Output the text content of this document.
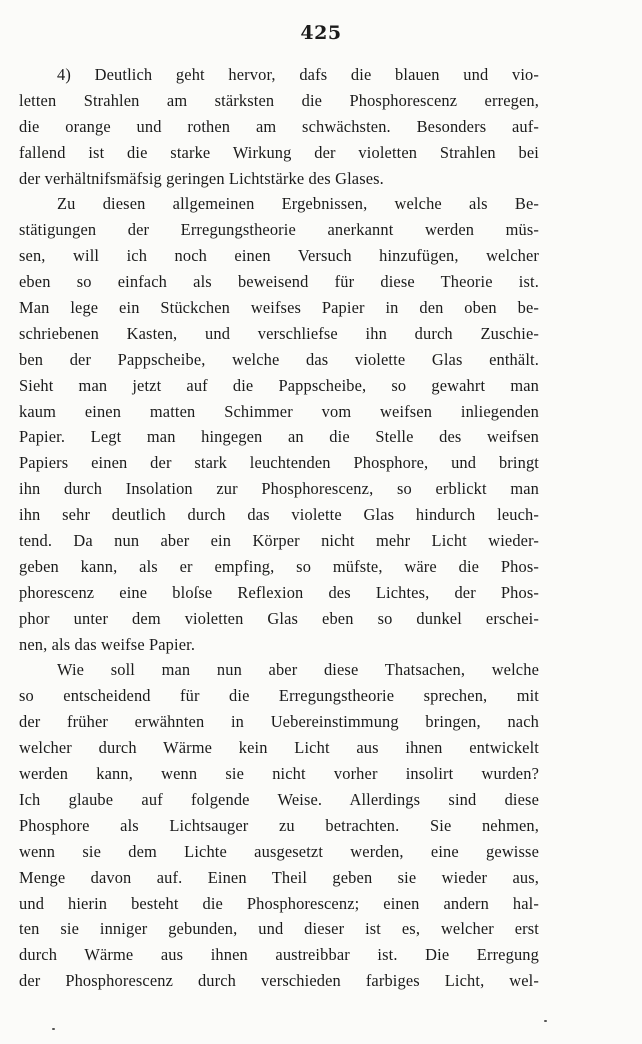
425
4) Deutlich geht hervor, dafs die blauen und vio-
letten Strahlen am stärksten die Phosphorescenz erregen,
die orange und rothen am schwächsten. Besonders auf-
fallend ist die starke Wirkung der violetten Strahlen bei
der verhältnifsmäfsig geringen Lichtstärke des Glases.
Zu diesen allgemeinen Ergebnissen, welche als Be-
stätigungen der Erregungstheorie anerkannt werden müs-
sen, will ich noch einen Versuch hinzufügen, welcher
eben so einfach als beweisend für diese Theorie ist.
Man lege ein Stückchen weifses Papier in den oben be-
schriebenen Kasten, und verschliefse ihn durch Zuschie-
ben der Pappscheibe, welche das violette Glas enthält.
Sieht man jetzt auf die Pappscheibe, so gewahrt man
kaum einen matten Schimmer vom weifsen inliegenden
Papier. Legt man hingegen an die Stelle des weifsen
Papiers einen der stark leuchtenden Phosphore, und bringt
ihn durch Insolation zur Phosphorescenz, so erblickt man
ihn sehr deutlich durch das violette Glas hindurch leuch-
tend. Da nun aber ein Körper nicht mehr Licht wieder-
geben kann, als er empfing, so müfste, wäre die Phos-
phorescenz eine bloſse Reflexion des Lichtes, der Phos-
phor unter dem violetten Glas eben so dunkel erschei-
nen, als das weifse Papier.
Wie soll man nun aber diese Thatsachen, welche
so entscheidend für die Erregungstheorie sprechen, mit
der früher erwähnten in Uebereinstimmung bringen, nach
welcher durch Wärme kein Licht aus ihnen entwickelt
werden kann, wenn sie nicht vorher insolirt wurden?
Ich glaube auf folgende Weise. Allerdings sind diese
Phosphore als Lichtsauger zu betrachten. Sie nehmen,
wenn sie dem Lichte ausgesetzt werden, eine gewisse
Menge davon auf. Einen Theil geben sie wieder aus,
und hierin besteht die Phosphorescenz; einen andern hal-
ten sie inniger gebunden, und dieser ist es, welcher erst
durch Wärme aus ihnen austreibbar ist. Die Erregung
der Phosphorescenz durch verschieden farbiges Licht, wel-
